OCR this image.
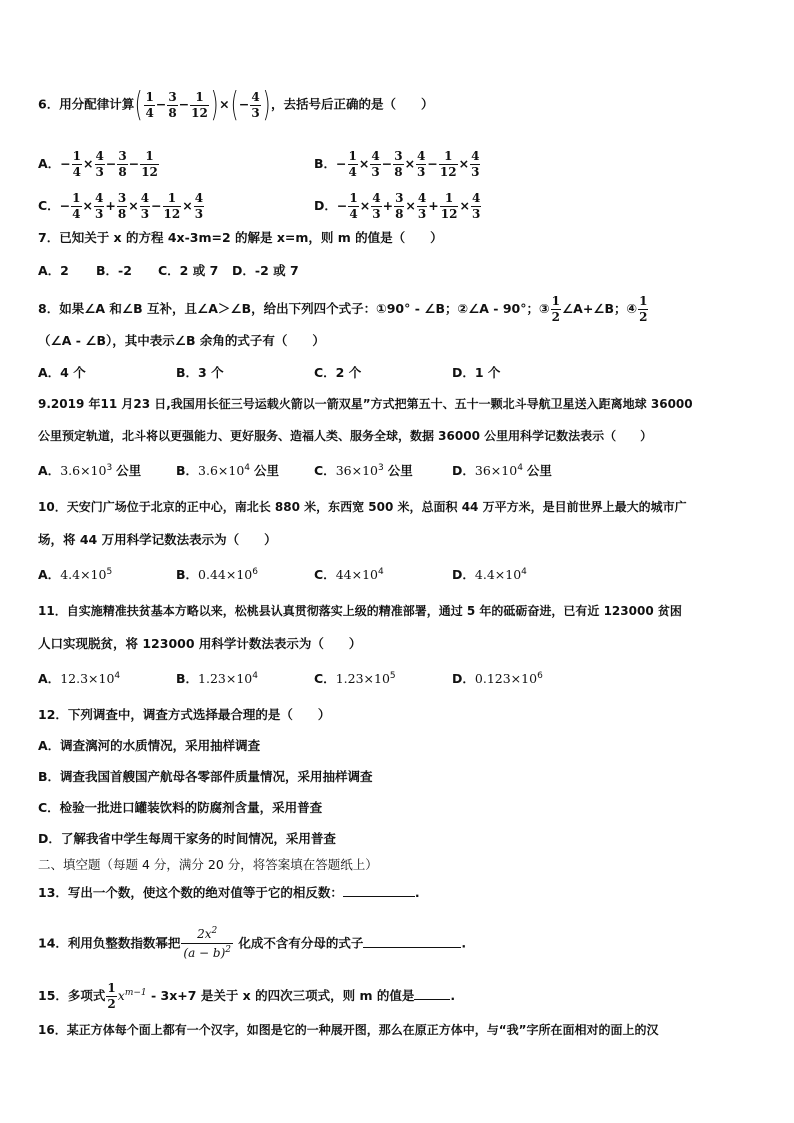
6．用分配律计算( $\frac{1}{4} - \frac{3}{8} - \frac{1}{12}$ )×(− $\frac{4}{3}$ )，去括号后正确的是（　　）
A．− $\frac{1}{4} \times \frac{4}{3} - \frac{3}{8} - \frac{1}{12}$	B．− $\frac{1}{4} \times \frac{4}{3} - \frac{3}{8} \times \frac{4}{3} - \frac{1}{12} \times \frac{4}{3}$
C．− $\frac{1}{4} \times \frac{4}{3} + \frac{3}{8} \times \frac{4}{3} - \frac{1}{12} \times \frac{4}{3}$	D．− $\frac{1}{4} \times \frac{4}{3} + \frac{3}{8} \times \frac{4}{3} + \frac{1}{12} \times \frac{4}{3}$
7．已知关于 x 的方程 4x-3m=2 的解是 x=m，则 m 的值是（　　）
A．2 B．-2 C．2 或 7 D．-2 或 7
8．如果∠A 和∠B 互补，且∠A＞∠B，给出下列四个式子：①90° - ∠B；②∠A - 90°；③ $\frac{1}{2}$ ∠A+∠B；④ $\frac{1}{2}$
（∠A - ∠B），其中表示∠B 余角的式子有（　　）
A．4 个	B．3 个	C．2 个	D．1 个
9.2019 年11 月23 日,我国用长征三号运载火箭以一箭双星”方式把第五十、五十一颗北斗导航卫星送入距离地球 36000
公里预定轨道，北斗将以更强能力、更好服务、造福人类、服务全球，数据 36000 公里用科学记数法表示（　　）
A．$3.6\times 10^3$ 公里	B．$3.6\times 10^4$ 公里	C．$36\times 10^3$ 公里	D．$36\times 10^4$ 公里
10．天安门广场位于北京的正中心，南北长 880 米，东西宽 500 米，总面积 44 万平方米，是目前世界上最大的城市广
场，将 44 万用科学记数法表示为（　　）
A．$4.4\times 10^5$	B．$0.44\times 10^6$	C．$44\times 10^4$	D．$4.4\times 10^4$
11．自实施精准扶贫基本方略以来，松桃县认真贯彻落实上级的精准部署，通过 5 年的砥砺奋进，已有近 123000 贫困
人口实现脱贫，将 123000 用科学计数法表示为（　　）
A．$12.3\times 10^4$	B．$1.23\times 10^4$	C．$1.23\times 10^5$	D．$0.123\times 10^6$
12．下列调查中，调查方式选择最合理的是（　　）
A．调查漓河的水质情况，采用抽样调查
B．调查我国首艘国产航母各零部件质量情况，采用抽样调查
C．检验一批进口罐装饮料的防腐剂含量，采用普查
D．了解我省中学生每周干家务的时间情况，采用普查
二、填空题（每题 4 分，满分 20 分，将答案填在答题纸上）
13．写出一个数，使这个数的绝对值等于它的相反数：	.
14．利用负整数指数幂把 $\frac{2x^2}{(a - b)^2}$ 化成不含有分母的式子	.
15．多项式 $\frac{1}{2} x^{m-1} - 3x+7$ 是关于 x 的四次三项式，则 m 的值是	.
16．某正方体每个面上都有一个汉字，如图是它的一种展开图，那么在原正方体中，与“我”字所在面相对的面上的汉
